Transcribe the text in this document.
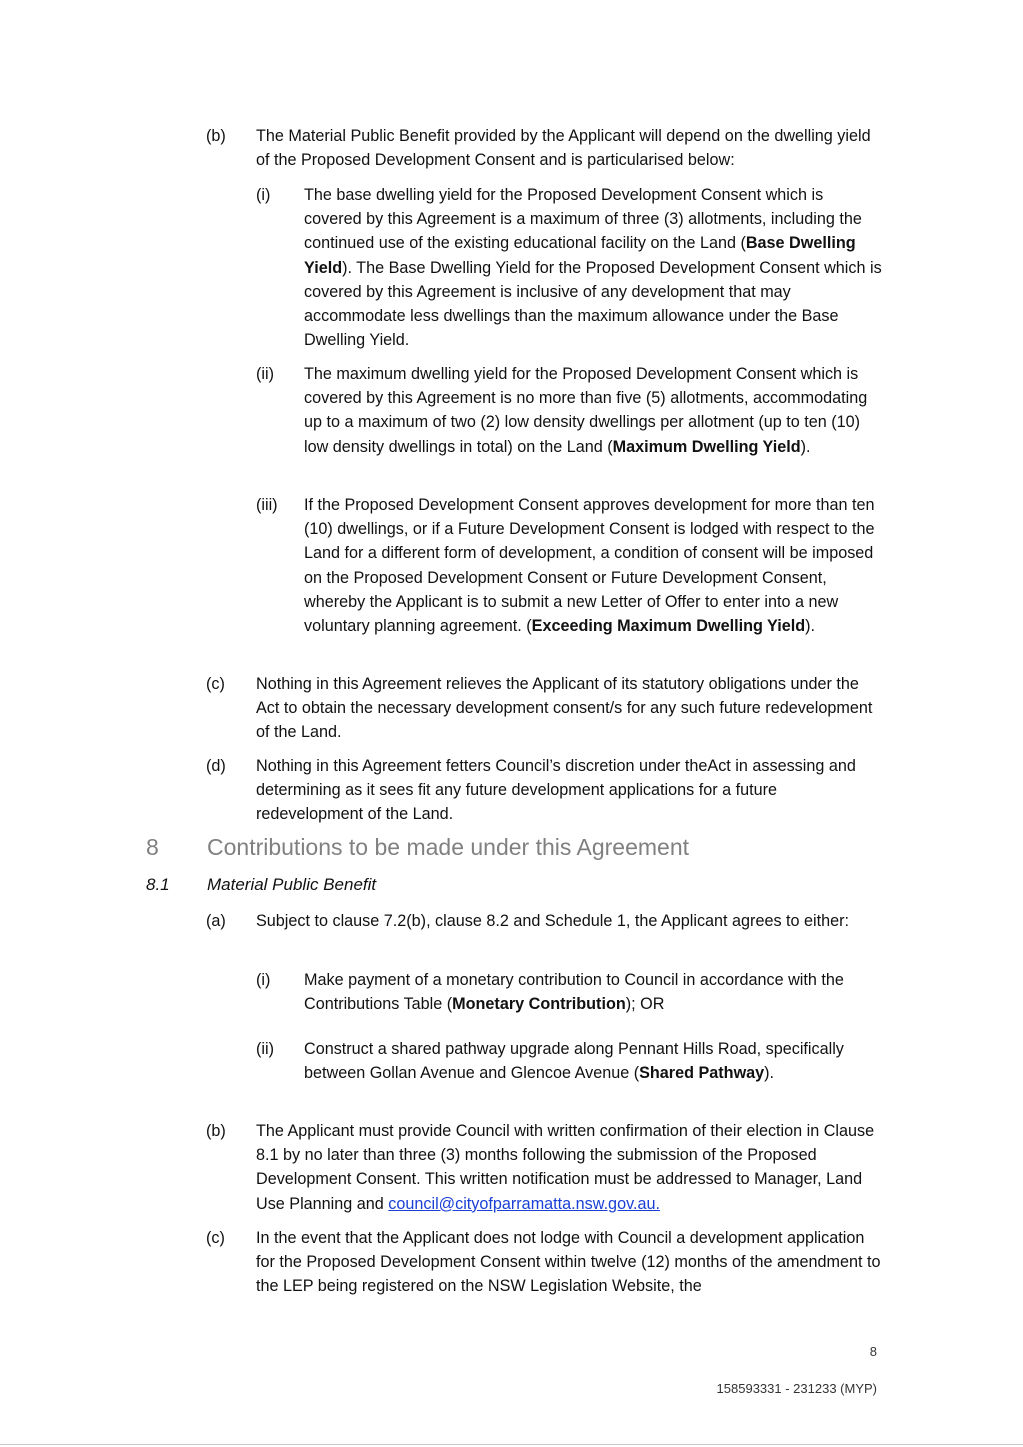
(b) The Material Public Benefit provided by the Applicant will depend on the dwelling yield of the Proposed Development Consent and is particularised below:
(i) The base dwelling yield for the Proposed Development Consent which is covered by this Agreement is a maximum of three (3) allotments, including the continued use of the existing educational facility on the Land (Base Dwelling Yield). The Base Dwelling Yield for the Proposed Development Consent which is covered by this Agreement is inclusive of any development that may accommodate less dwellings than the maximum allowance under the Base Dwelling Yield.
(ii) The maximum dwelling yield for the Proposed Development Consent which is covered by this Agreement is no more than five (5) allotments, accommodating up to a maximum of two (2) low density dwellings per allotment (up to ten (10) low density dwellings in total) on the Land (Maximum Dwelling Yield).
(iii) If the Proposed Development Consent approves development for more than ten (10) dwellings, or if a Future Development Consent is lodged with respect to the Land for a different form of development, a condition of consent will be imposed on the Proposed Development Consent or Future Development Consent, whereby the Applicant is to submit a new Letter of Offer to enter into a new voluntary planning agreement. (Exceeding Maximum Dwelling Yield).
(c) Nothing in this Agreement relieves the Applicant of its statutory obligations under the Act to obtain the necessary development consent/s for any such future redevelopment of the Land.
(d) Nothing in this Agreement fetters Council’s discretion under theAct in assessing and determining as it sees fit any future development applications for a future redevelopment of the Land.
8 Contributions to be made under this Agreement
8.1 Material Public Benefit
(a) Subject to clause 7.2(b), clause 8.2 and Schedule 1, the Applicant agrees to either:
(i) Make payment of a monetary contribution to Council in accordance with the Contributions Table (Monetary Contribution); OR
(ii) Construct a shared pathway upgrade along Pennant Hills Road, specifically between Gollan Avenue and Glencoe Avenue (Shared Pathway).
(b) The Applicant must provide Council with written confirmation of their election in Clause 8.1 by no later than three (3) months following the submission of the Proposed Development Consent. This written notification must be addressed to Manager, Land Use Planning and council@cityofparramatta.nsw.gov.au.
(c) In the event that the Applicant does not lodge with Council a development application for the Proposed Development Consent within twelve (12) months of the amendment to the LEP being registered on the NSW Legislation Website, the
8
158593331 - 231233 (MYP)
